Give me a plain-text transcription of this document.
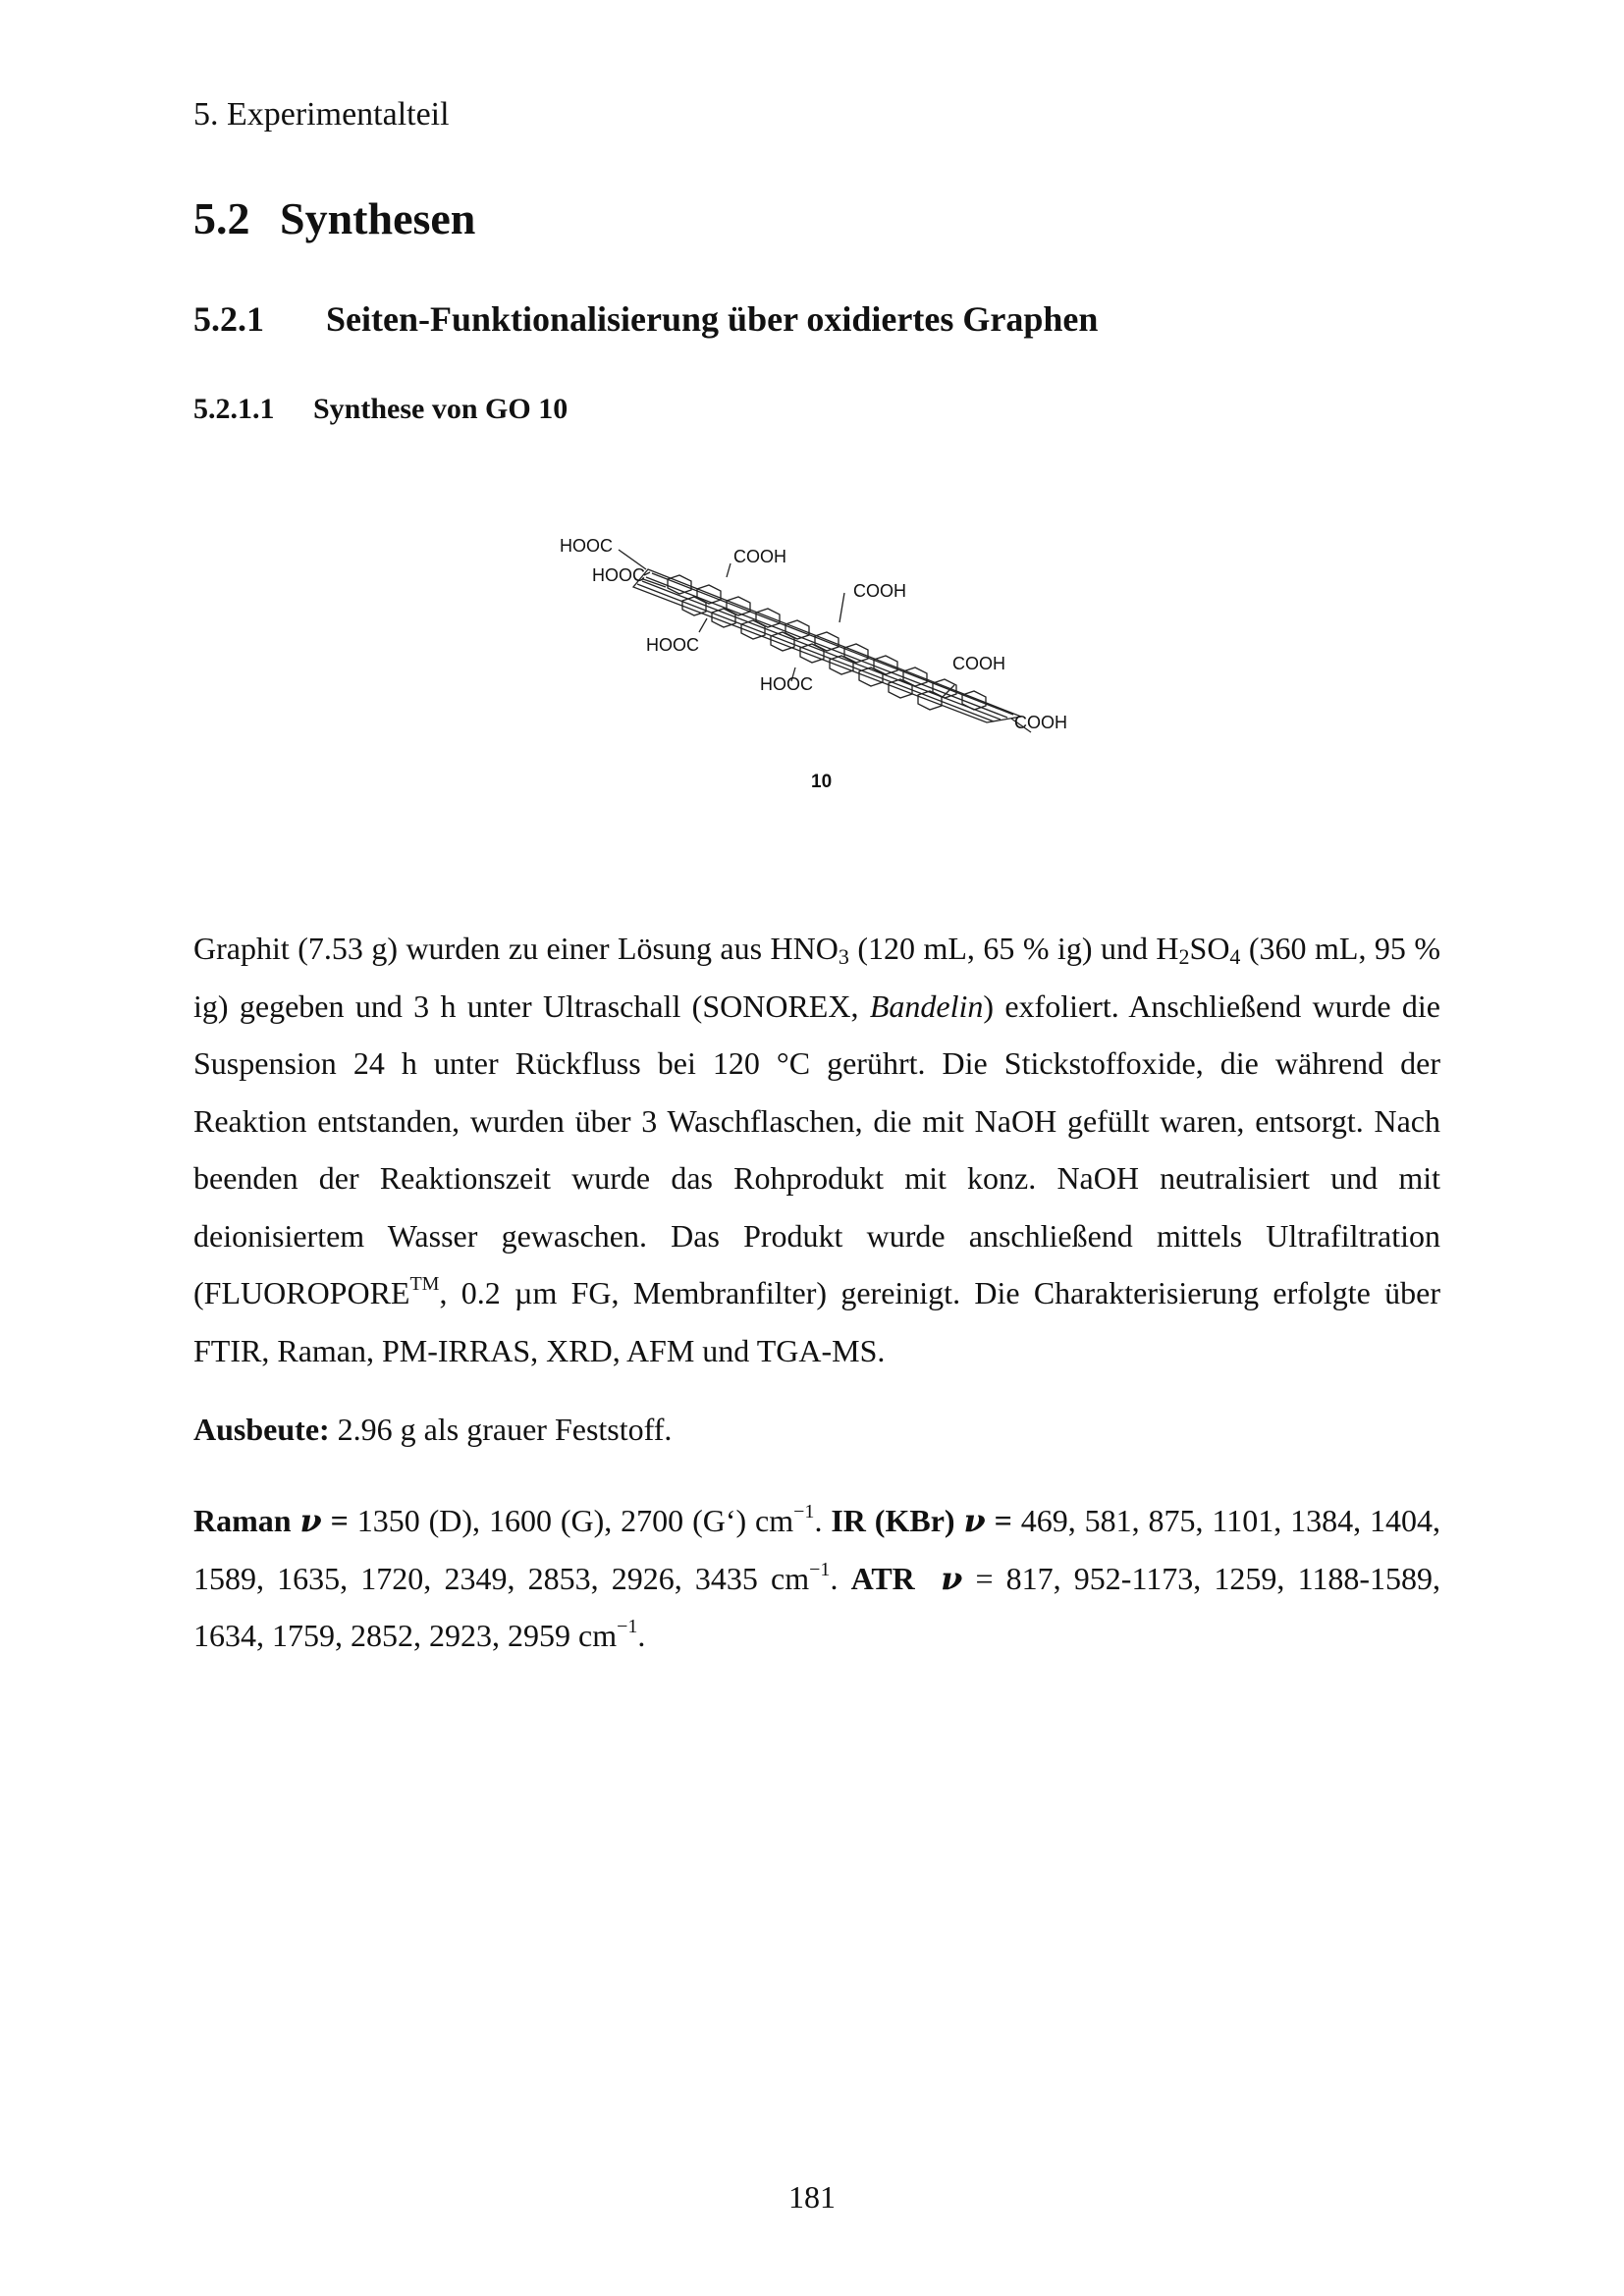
5. Experimentalteil
5.2 Synthesen
5.2.1 Seiten-Funktionalisierung über oxidiertes Graphen
5.2.1.1 Synthese von GO 10
HOOC
HOOC
HOOC
HOOC
COOH
COOH
COOH
COOH
10
Graphit (7.53 g) wurden zu einer Lösung aus $HNO_3$ (120 mL, 65 % ig) und $H_2SO_4$ (360 mL, 95 % ig) gegeben und 3 h unter Ultraschall (SONOREX, Bandelin) exfoliert. Anschließend wurde die Suspension 24 h unter Rückfluss bei 120 °C gerührt. Die Stickstoffoxide, die während der Reaktion entstanden, wurden über 3 Waschflaschen, die mit NaOH gefüllt waren, entsorgt. Nach beenden der Reaktionszeit wurde das Rohprodukt mit konz. NaOH neutralisiert und mit deionisiertem Wasser gewaschen. Das Produkt wurde anschließend mittels Ultrafiltration (FLUOROPORE™, 0.2 µm FG, Membranfilter) gereinigt. Die Charakterisierung erfolgte über FTIR, Raman, PM-IRRAS, XRD, AFM und TGA-MS.
Ausbeute: 2.96 g als grauer Feststoff.
Raman ν = 1350 (D), 1600 (G), 2700 (G‘) $cm^{-1}$. IR (KBr) ν = 469, 581, 875, 1101, 1384, 1404, 1589, 1635, 1720, 2349, 2853, 2926, 3435 $cm^{-1}$. ATR ν = 817, 952-1173, 1259, 1188-1589, 1634, 1759, 2852, 2923, 2959 $cm^{-1}$.
181
